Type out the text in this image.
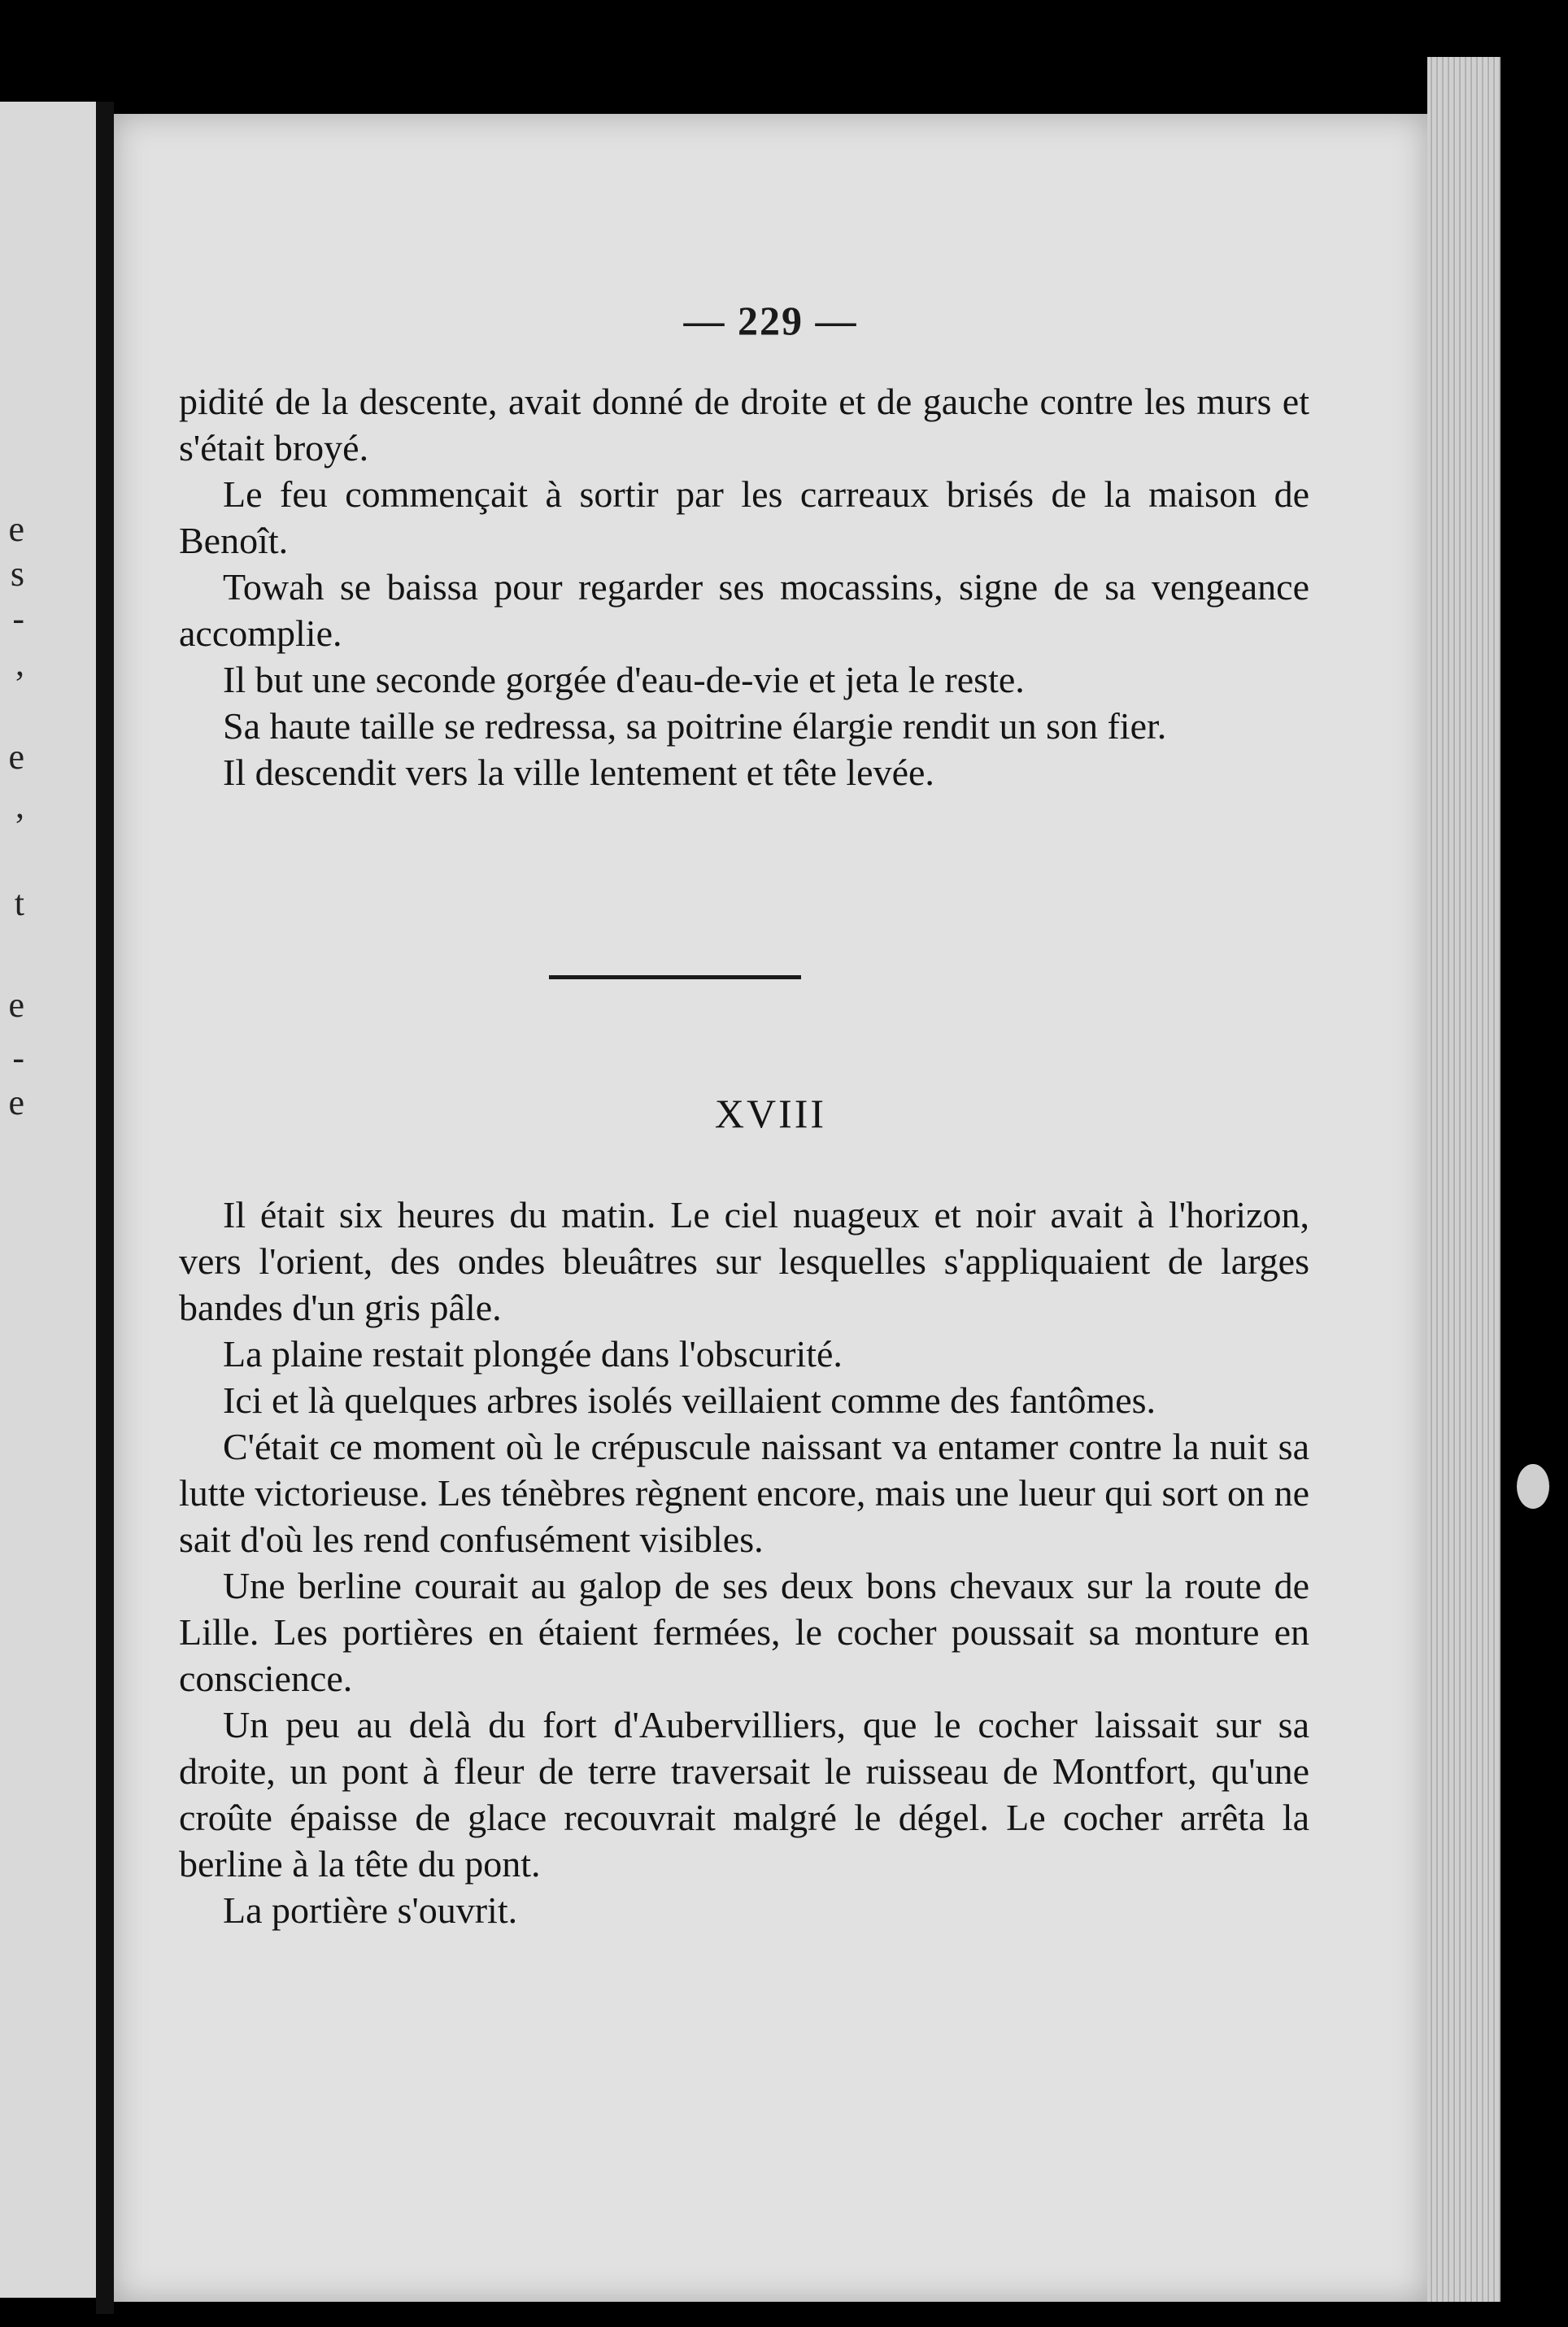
e
s
-
,
e
,
t
e
-
e
— 229 —

pidité de la descente, avait donné de droite et de gauche contre les murs et s'était broyé.

Le feu commençait à sortir par les carreaux brisés de la maison de Benoît.

Towah se baissa pour regarder ses mocassins, signe de sa vengeance accomplie.

Il but une seconde gorgée d'eau-de-vie et jeta le reste.

Sa haute taille se redressa, sa poitrine élargie rendit un son fier.

Il descendit vers la ville lentement et tête levée.

XVIII

Il était six heures du matin. Le ciel nuageux et noir avait à l'horizon, vers l'orient, des ondes bleuâtres sur lesquelles s'appliquaient de larges bandes d'un gris pâle.

La plaine restait plongée dans l'obscurité.

Ici et là quelques arbres isolés veillaient comme des fantômes.

C'était ce moment où le crépuscule naissant va entamer contre la nuit sa lutte victorieuse. Les ténèbres règnent encore, mais une lueur qui sort on ne sait d'où les rend confusément visibles.

Une berline courait au galop de ses deux bons chevaux sur la route de Lille. Les portières en étaient fermées, le cocher poussait sa monture en conscience.

Un peu au delà du fort d'Aubervilliers, que le cocher laissait sur sa droite, un pont à fleur de terre traversait le ruisseau de Montfort, qu'une croûte épaisse de glace recouvrait malgré le dégel. Le cocher arrêta la berline à la tête du pont.

La portière s'ouvrit.
